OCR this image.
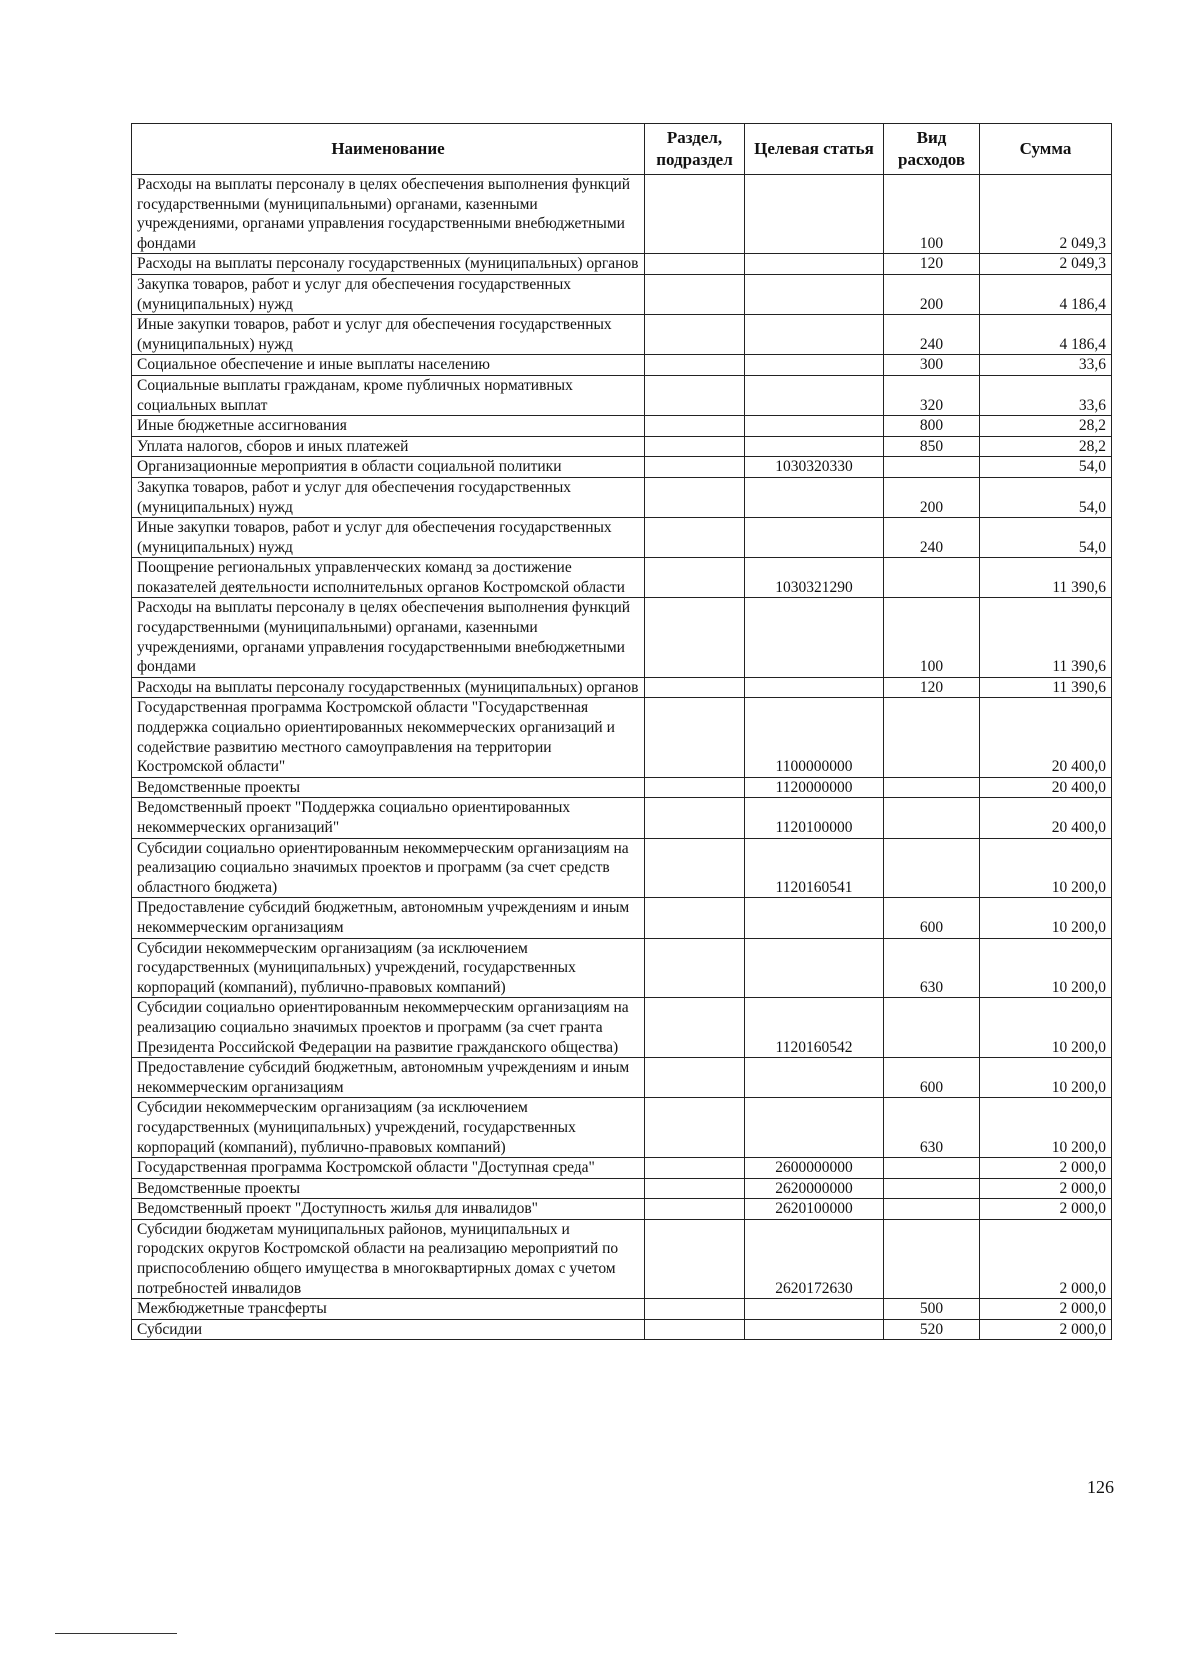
Наименование	Раздел, подраздел	Целевая статья	Вид расходов	Сумма
Расходы на выплаты персоналу в целях обеспечения выполнения функций государственными (муниципальными) органами, казенными учреждениями, органами управления государственными внебюджетными фондами			100	2 049,3
Расходы на выплаты персоналу государственных (муниципальных) органов			120	2 049,3
Закупка товаров, работ и услуг для обеспечения государственных (муниципальных) нужд			200	4 186,4
Иные закупки товаров, работ и услуг для обеспечения государственных (муниципальных) нужд			240	4 186,4
Социальное обеспечение и иные выплаты населению			300	33,6
Социальные выплаты гражданам, кроме публичных нормативных социальных выплат			320	33,6
Иные бюджетные ассигнования			800	28,2
Уплата налогов, сборов и иных платежей			850	28,2
Организационные мероприятия в области социальной политики		1030320330		54,0
Закупка товаров, работ и услуг для обеспечения государственных (муниципальных) нужд			200	54,0
Иные закупки товаров, работ и услуг для обеспечения государственных (муниципальных) нужд			240	54,0
Поощрение региональных управленческих команд за достижение показателей деятельности исполнительных органов Костромской области		1030321290		11 390,6
Расходы на выплаты персоналу в целях обеспечения выполнения функций государственными (муниципальными) органами, казенными учреждениями, органами управления государственными внебюджетными фондами			100	11 390,6
Расходы на выплаты персоналу государственных (муниципальных) органов			120	11 390,6
Государственная программа Костромской области "Государственная поддержка социально ориентированных некоммерческих организаций и содействие развитию местного самоуправления на территории Костромской области"		1100000000		20 400,0
Ведомственные проекты		1120000000		20 400,0
Ведомственный проект "Поддержка социально ориентированных некоммерческих организаций"		1120100000		20 400,0
Субсидии социально ориентированным некоммерческим организациям на реализацию социально значимых проектов и программ (за счет средств областного бюджета)		1120160541		10 200,0
Предоставление субсидий бюджетным, автономным учреждениям и иным некоммерческим организациям			600	10 200,0
Субсидии некоммерческим организациям (за исключением государственных (муниципальных) учреждений, государственных корпораций (компаний), публично-правовых компаний)			630	10 200,0
Субсидии социально ориентированным некоммерческим организациям на реализацию социально значимых проектов и программ (за счет гранта Президента Российской Федерации на развитие гражданского общества)		1120160542		10 200,0
Предоставление субсидий бюджетным, автономным учреждениям и иным некоммерческим организациям			600	10 200,0
Субсидии некоммерческим организациям (за исключением государственных (муниципальных) учреждений, государственных корпораций (компаний), публично-правовых компаний)			630	10 200,0
Государственная программа Костромской области "Доступная среда"		2600000000		2 000,0
Ведомственные проекты		2620000000		2 000,0
Ведомственный проект "Доступность жилья для инвалидов"		2620100000		2 000,0
Субсидии бюджетам муниципальных районов, муниципальных и городских округов Костромской области на реализацию мероприятий по приспособлению общего имущества в многоквартирных домах с учетом потребностей инвалидов		2620172630		2 000,0
Межбюджетные трансферты			500	2 000,0
Субсидии			520	2 000,0
126
